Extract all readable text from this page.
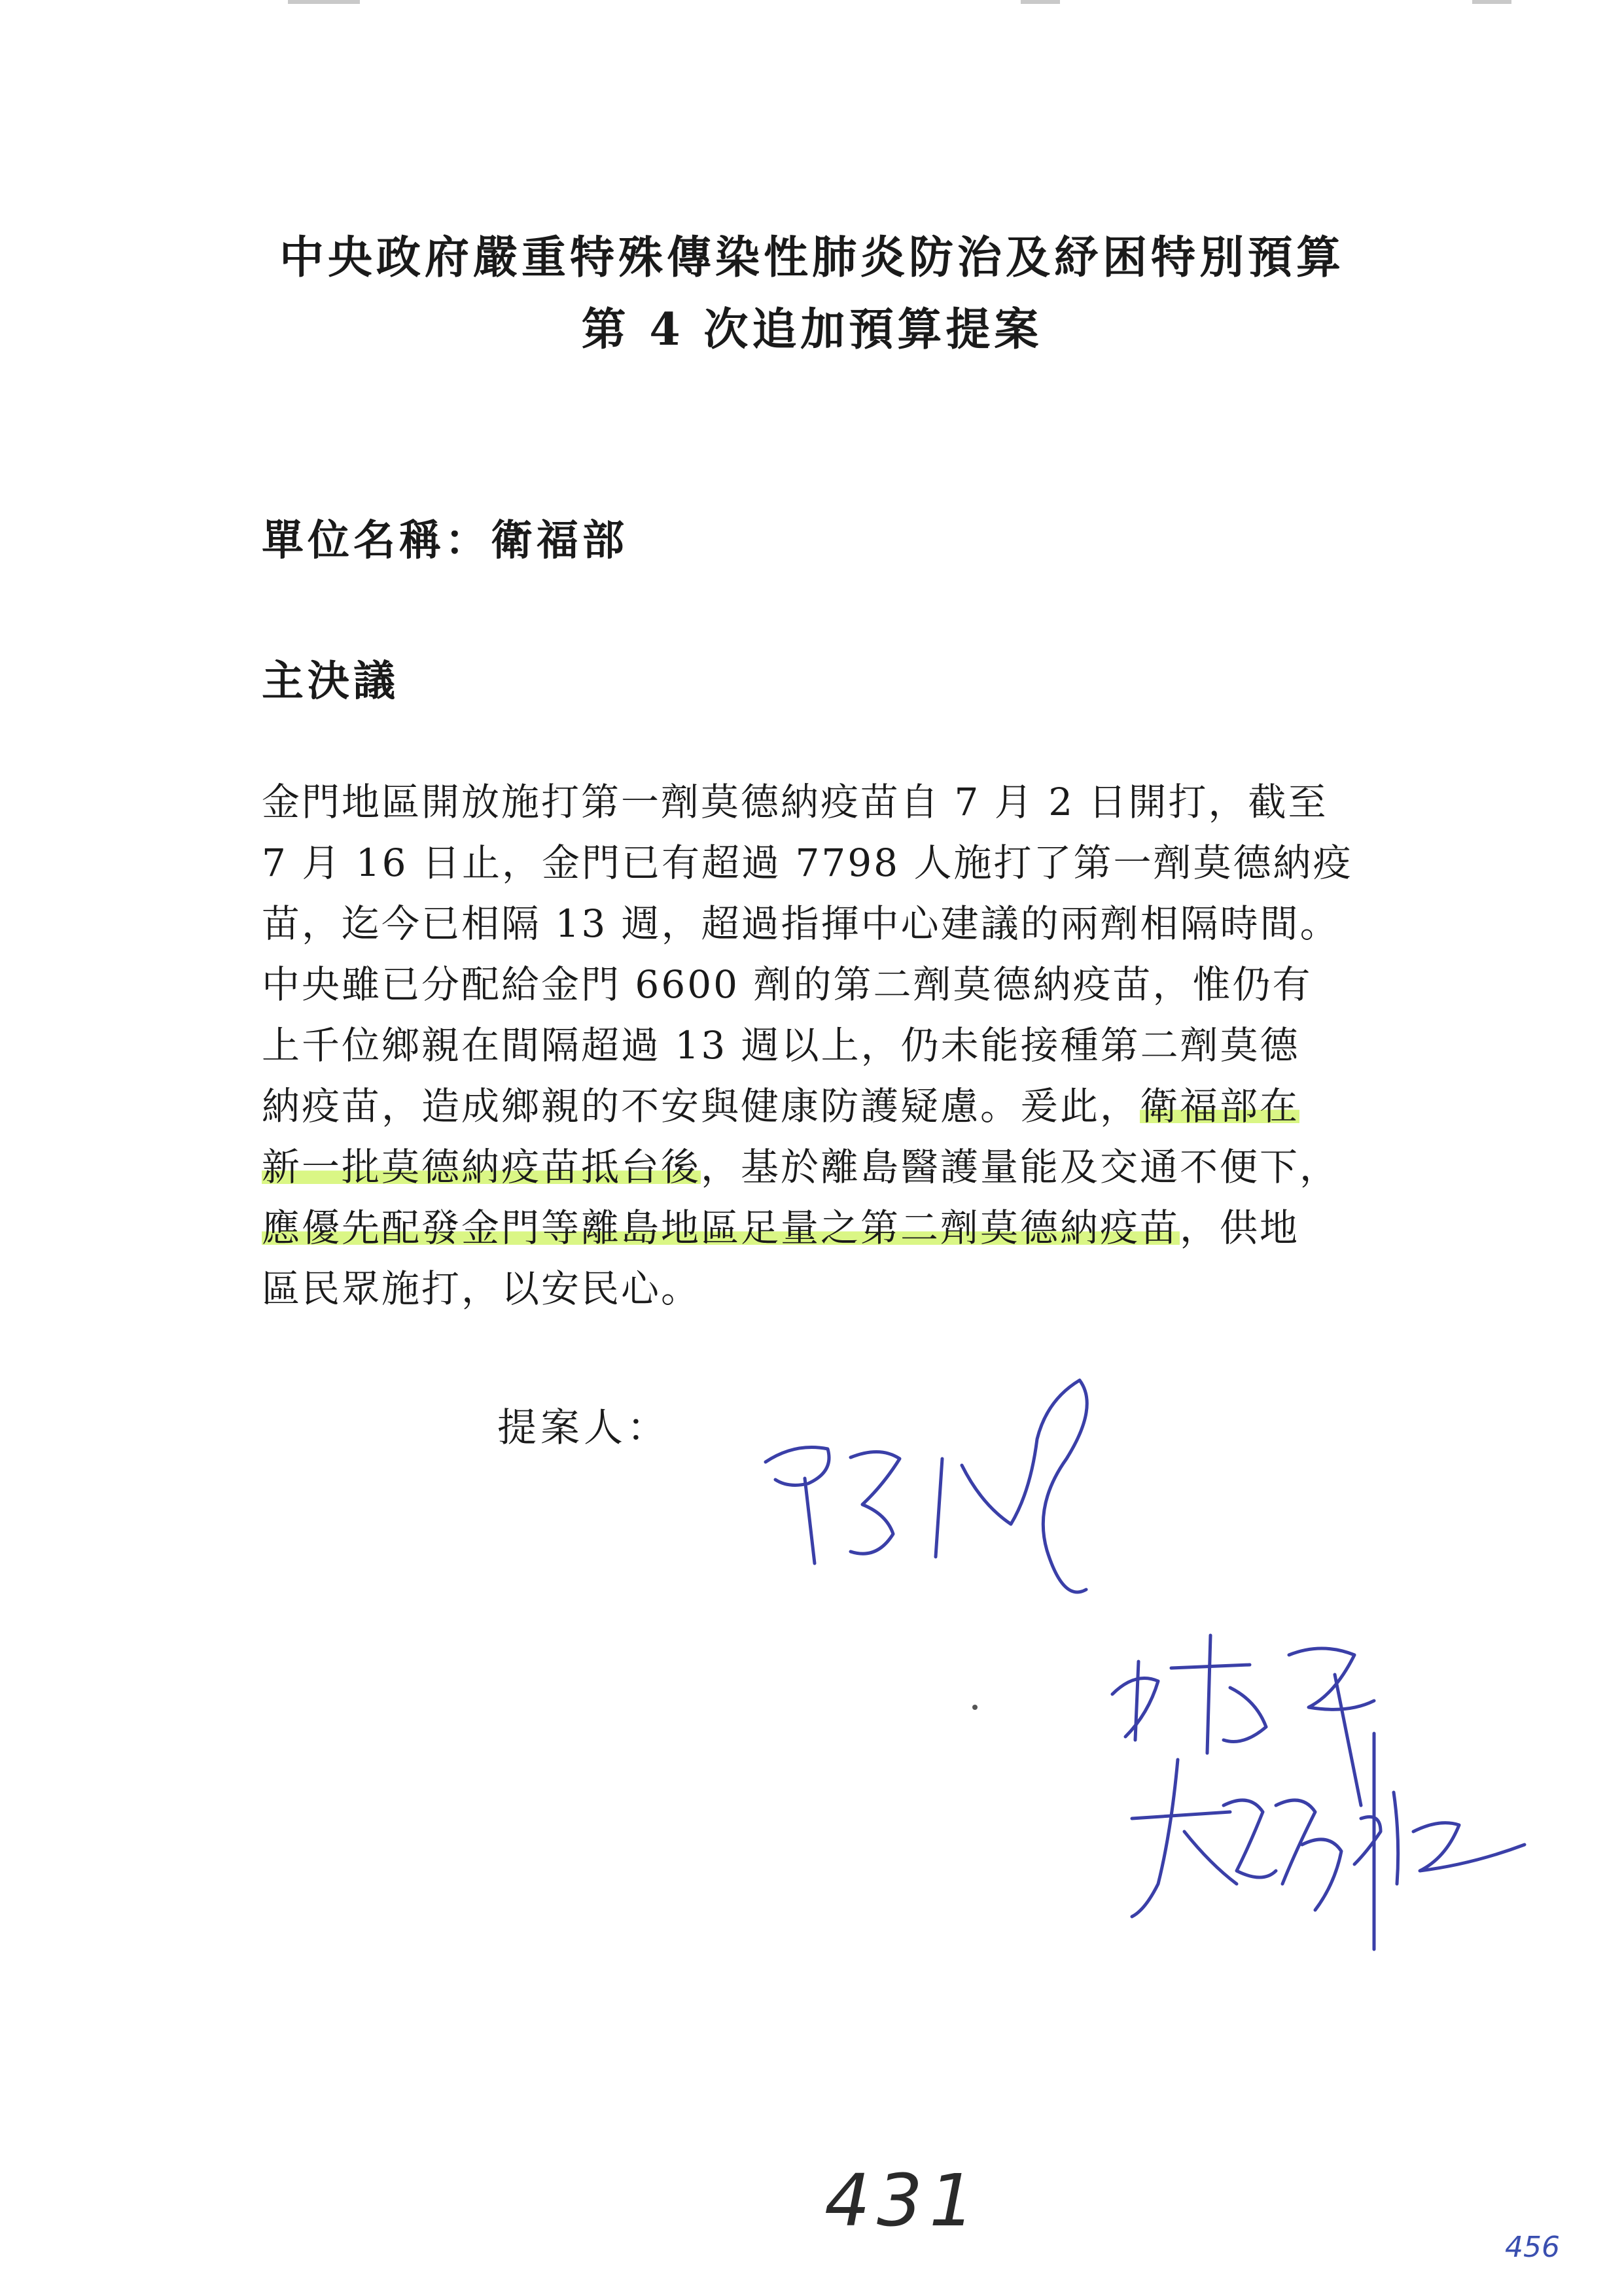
中央政府嚴重特殊傳染性肺炎防治及紓困特別預算
第 4 次追加預算提案
單位名稱：衛福部
主決議
金門地區開放施打第一劑莫德納疫苗自 7 月 2 日開打，截至
7 月 16 日止，金門已有超過 7798 人施打了第一劑莫德納疫
苗，迄今已相隔 13 週，超過指揮中心建議的兩劑相隔時間。
中央雖已分配給金門 6600 劑的第二劑莫德納疫苗，惟仍有
上千位鄉親在間隔超過 13 週以上，仍未能接種第二劑莫德
納疫苗，造成鄉親的不安與健康防護疑慮。爰此，衛福部在
新一批莫德納疫苗抵台後，基於離島醫護量能及交通不便下，
應優先配發金門等離島地區足量之第二劑莫德納疫苗，供地
區民眾施打，以安民心。
提案人：
431
456
